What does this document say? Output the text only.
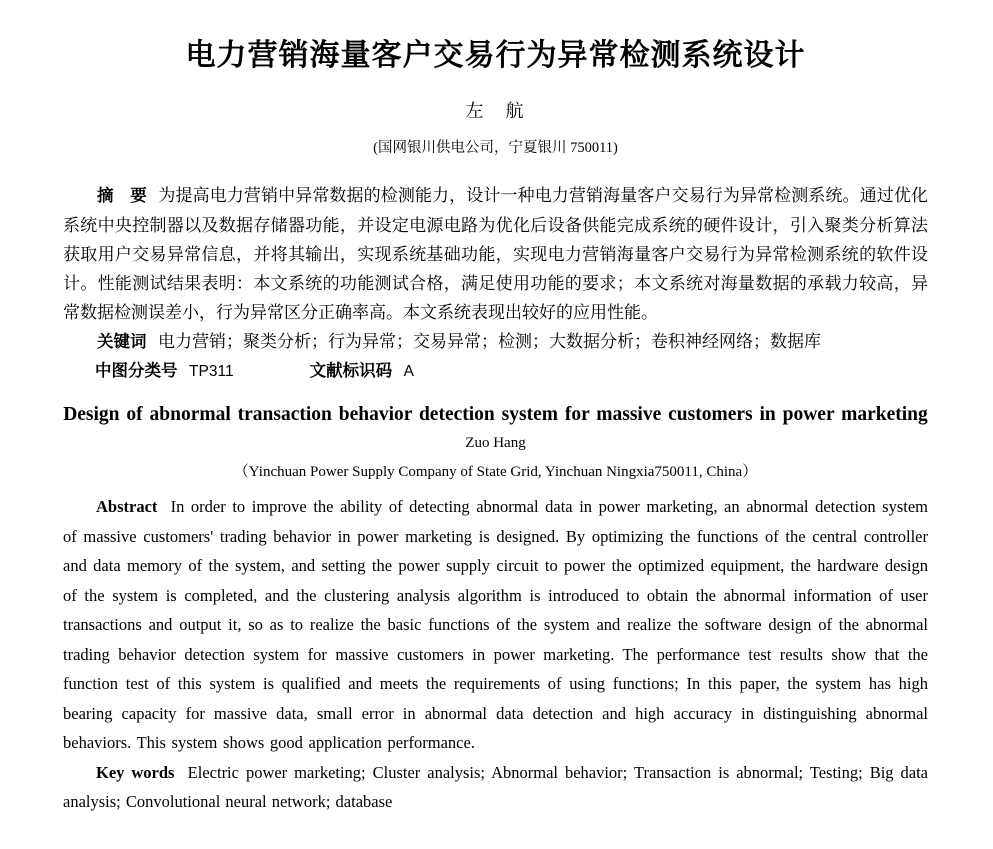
电力营销海量客户交易行为异常检测系统设计
左　航
(国网银川供电公司，宁夏银川 750011)

摘　要 为提高电力营销中异常数据的检测能力，设计一种电力营销海量客户交易行为异常检测系统。通过优化系统中央控制器以及数据存储器功能，并设定电源电路为优化后设备供能完成系统的硬件设计，引入聚类分析算法获取用户交易异常信息，并将其输出，实现系统基础功能，实现电力营销海量客户交易行为异常检测系统的软件设计。性能测试结果表明：本文系统的功能测试合格，满足使用功能的要求；本文系统对海量数据的承载力较高，异常数据检测误差小，行为异常区分正确率高。本文系统表现出较好的应用性能。

关键词 电力营销；聚类分析；行为异常；交易异常；检测；大数据分析；卷积神经网络；数据库

中图分类号 TP311	文献标识码 A

Design of abnormal transaction behavior detection system for massive customers in power marketing
Zuo Hang
（Yinchuan Power Supply Company of State Grid, Yinchuan Ningxia750011, China）

Abstract In order to improve the ability of detecting abnormal data in power marketing, an abnormal detection system of massive customers' trading behavior in power marketing is designed. By optimizing the functions of the central controller and data memory of the system, and setting the power supply circuit to power the optimized equipment, the hardware design of the system is completed, and the clustering analysis algorithm is introduced to obtain the abnormal information of user transactions and output it, so as to realize the basic functions of the system and realize the software design of the abnormal trading behavior detection system for massive customers in power marketing. The performance test results show that the function test of this system is qualified and meets the requirements of using functions; In this paper, the system has high bearing capacity for massive data, small error in abnormal data detection and high accuracy in distinguishing abnormal behaviors. This system shows good application performance.

Key words Electric power marketing; Cluster analysis; Abnormal behavior; Transaction is abnormal; Testing; Big data analysis; Convolutional neural network; database
